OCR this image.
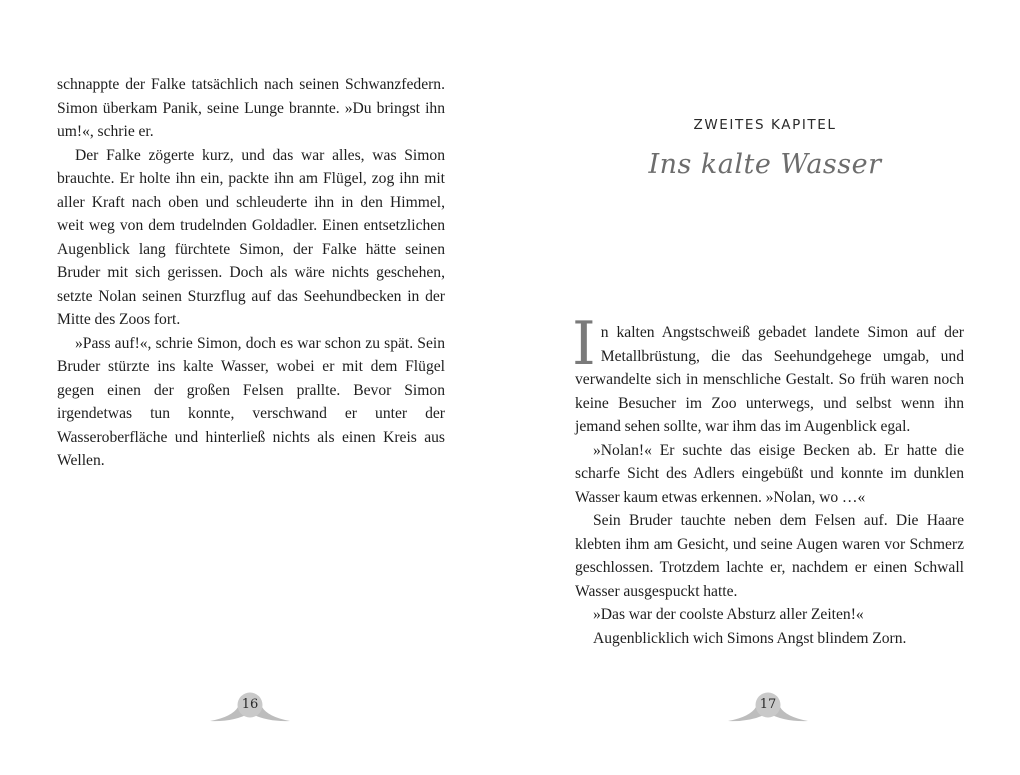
schnappte der Falke tatsächlich nach seinen Schwanzfedern. Simon überkam Panik, seine Lunge brannte. »Du bringst ihn um!«, schrie er.

Der Falke zögerte kurz, und das war alles, was Simon brauchte. Er holte ihn ein, packte ihn am Flügel, zog ihn mit aller Kraft nach oben und schleuderte ihn in den Himmel, weit weg von dem trudelnden Goldadler. Einen entsetzlichen Augenblick lang fürchtete Simon, der Falke hätte seinen Bruder mit sich gerissen. Doch als wäre nichts geschehen, setzte Nolan seinen Sturzflug auf das Seehundbecken in der Mitte des Zoos fort.

»Pass auf!«, schrie Simon, doch es war schon zu spät. Sein Bruder stürzte ins kalte Wasser, wobei er mit dem Flügel gegen einen der großen Felsen prallte. Bevor Simon irgendetwas tun konnte, verschwand er unter der Wasseroberfläche und hinterließ nichts als einen Kreis aus Wellen.

16
ZWEITES KAPITEL
Ins kalte Wasser

In kalten Angstschweiß gebadet landete Simon auf der Metallbrüstung, die das Seehundgehege umgab, und verwandelte sich in menschliche Gestalt. So früh waren noch keine Besucher im Zoo unterwegs, und selbst wenn ihn jemand sehen sollte, war ihm das im Augenblick egal.

»Nolan!« Er suchte das eisige Becken ab. Er hatte die scharfe Sicht des Adlers eingebüßt und konnte im dunklen Wasser kaum etwas erkennen. »Nolan, wo …«

Sein Bruder tauchte neben dem Felsen auf. Die Haare klebten ihm am Gesicht, und seine Augen waren vor Schmerz geschlossen. Trotzdem lachte er, nachdem er einen Schwall Wasser ausgespuckt hatte.

»Das war der coolste Absturz aller Zeiten!«

Augenblicklich wich Simons Angst blindem Zorn.

17
